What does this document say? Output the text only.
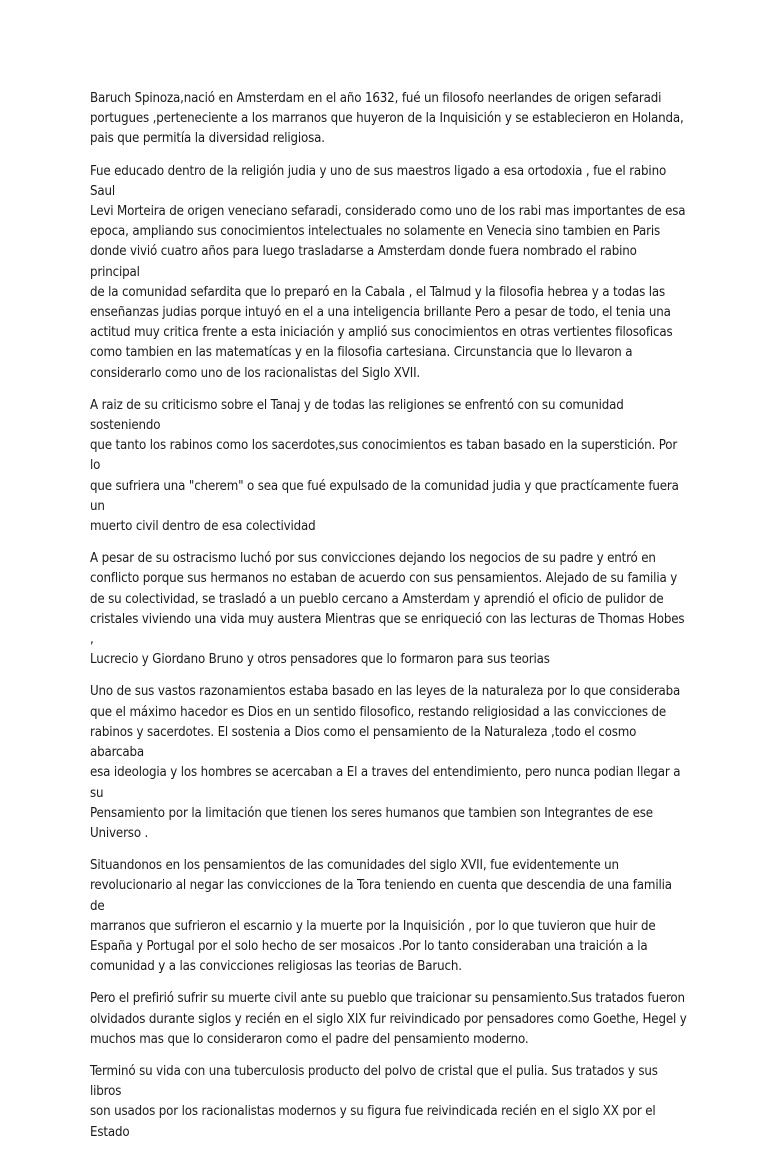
Baruch Spinoza,nació en Amsterdam en el año 1632, fué un filosofo neerlandes de origen sefaradi
portugues ,perteneciente a los marranos que huyeron de la Inquisición y se establecieron en Holanda,
pais que permitía la diversidad religiosa.

Fue educado dentro de la religión judia y uno de sus maestros ligado a esa ortodoxia , fue el rabino Saul
Levi Morteira de origen veneciano sefaradi, considerado como uno de los rabi mas importantes de esa
epoca, ampliando sus conocimientos intelectuales no solamente en Venecia sino tambien en Paris
donde vivió cuatro años para luego trasladarse a Amsterdam donde fuera nombrado el rabino principal
de la comunidad sefardita que lo preparó en la Cabala , el Talmud y la filosofia hebrea y a todas las
enseñanzas judias porque intuyó en el a una inteligencia brillante Pero a pesar de todo, el tenia una
actitud muy critica frente a esta iniciación y amplió sus conocimientos en otras vertientes filosoficas
como tambien en las matematícas y en la filosofia cartesiana. Circunstancia que lo llevaron a
considerarlo como uno de los racionalistas del Siglo XVII.

A raiz de su criticismo sobre el Tanaj y de todas las religiones se enfrentó con su comunidad sosteniendo
que tanto los rabinos como los sacerdotes,sus conocimientos es taban basado en la superstición. Por lo
que sufriera una "cherem" o sea que fué expulsado de la comunidad judia y que practícamente fuera un
muerto civil dentro de esa colectividad

A pesar de su ostracismo luchó por sus convicciones dejando los negocios de su padre y entró en
conflicto porque sus hermanos no estaban de acuerdo con sus pensamientos. Alejado de su familia y
de su colectividad, se trasladó a un pueblo cercano a Amsterdam y aprendió el oficio de pulidor de
cristales viviendo una vida muy austera Mientras que se enriqueció con las lecturas de Thomas Hobes ,
Lucrecio y Giordano Bruno y otros pensadores que lo formaron para sus teorias

Uno de sus vastos razonamientos estaba basado en las leyes de la naturaleza por lo que consideraba
que el máximo hacedor es Dios en un sentido filosofico, restando religiosidad a las convicciones de
rabinos y sacerdotes. El sostenia a Dios como el pensamiento de la Naturaleza ,todo el cosmo abarcaba
esa ideologia y los hombres se acercaban a El a traves del entendimiento, pero nunca podian llegar a su
Pensamiento por la limitación que tienen los seres humanos que tambien son Integrantes de ese
Universo .

Situandonos en los pensamientos de las comunidades del siglo XVII, fue evidentemente un
revolucionario al negar las convicciones de la Tora teniendo en cuenta que descendia de una familia de
marranos que sufrieron el escarnio y la muerte por la Inquisición , por lo que tuvieron que huir de
España y Portugal por el solo hecho de ser mosaicos .Por lo tanto consideraban una traición a la
comunidad y a las convicciones religiosas las teorias de Baruch.

Pero el prefirió sufrir su muerte civil ante su pueblo que traicionar su pensamiento.Sus tratados fueron
olvidados durante siglos y recién en el siglo XIX fur reivindicado por pensadores como Goethe, Hegel y
muchos mas que lo consideraron como el padre del pensamiento moderno.

Terminó su vida con una tuberculosis producto del polvo de cristal que el pulia. Sus tratados y sus libros
son usados por los racionalistas modernos y su figura fue reivindicada recién en el siglo XX por el Estado
